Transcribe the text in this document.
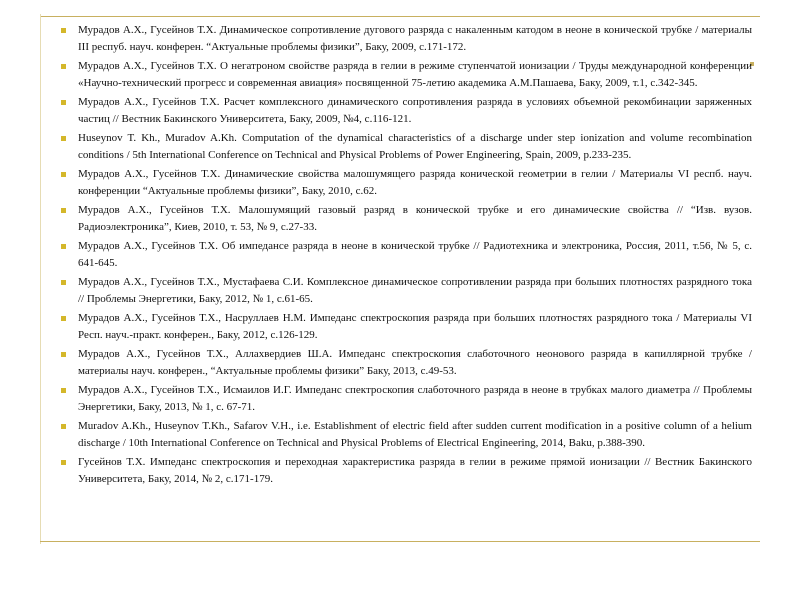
Мурадов А.Х., Гусейнов Т.Х. Динамическое сопротивление дугового разряда с накаленным катодом в неоне в конической трубке / материалы III респуб. науч. конферен. “Актуальные проблемы физики”, Баку, 2009, с.171-172.
Мурадов А.Х., Гусейнов Т.Х. О негатроном свойстве разряда в гелии в режиме ступенчатой ионизации / Труды международной конференции «Научно-технический прогресс и современная авиация» посвященной 75-летию академика А.М.Пашаева, Баку, 2009, т.1, с.342-345.
Мурадов А.Х., Гусейнов Т.Х. Расчет комплексного динамического сопротивления разряда в условиях объемной рекомбинации заряженных частиц // Вестник Бакинского Университета, Баку, 2009, №4, с.116-121.
Huseynov T. Kh., Muradov A.Kh. Computation of the dynamical characteristics of a discharge under step ionization and volume recombination conditions / 5th International Conference on Technical and Physical Problems of Power Engineering, Spain, 2009, p.233-235.
Мурадов А.Х., Гусейнов Т.Х. Динамические свойства малошумящего разряда конической геометрии в гелии / Материалы VI респб. науч. конференции “Актуальные проблемы физики”, Баку, 2010, с.62.
Мурадов А.Х., Гусейнов Т.Х. Малошумящий газовый разряд в конической трубке и его динамические свойства // “Изв. вузов. Радиоэлектроника”, Киев, 2010, т. 53, № 9, с.27-33.
Мурадов А.Х., Гусейнов Т.Х. Об импедансе разряда в неоне в конической трубке // Радиотехника и электроника, Россия, 2011, т.56, № 5, с. 641-645.
Мурадов А.Х., Гусейнов Т.Х., Мустафаева С.И. Комплексное динамическое сопротивлении разряда при больших плотностях разрядного тока // Проблемы Энергетики, Баку, 2012, № 1, с.61-65.
Мурадов А.Х., Гусейнов Т.Х., Насруллаев Н.М. Импеданс спектроскопия разряда при больших плотностях разрядного тока / Материалы VI Респ. науч.-практ. конферен., Баку, 2012, с.126-129.
Мурадов А.Х., Гусейнов Т.Х., Аллахвердиев Ш.А. Импеданс спектроскопия слаботочного неонового разряда в капиллярной трубке / материалы науч. конферен., “Актуальные проблемы физики” Баку, 2013, с.49-53.
Мурадов А.Х., Гусейнов Т.Х., Исмаилов И.Г. Импеданс спектроскопия слаботочного разряда в неоне в трубках малого диаметра // Проблемы Энергетики, Баку, 2013, № 1, с. 67-71.
Muradov A.Kh., Huseynov T.Kh., Safarov V.H., i.e. Establishment of electric field after sudden current modification in a positive column of a helium discharge / 10th International Conference on Technical and Physical Problems of Electrical Engineering, 2014, Baku, p.388-390.
Гусейнов Т.Х. Импеданс спектроскопия и переходная характеристика разряда в гелии в режиме прямой ионизации // Вестник Бакинского Университета, Баку, 2014, № 2, с.171-179.
